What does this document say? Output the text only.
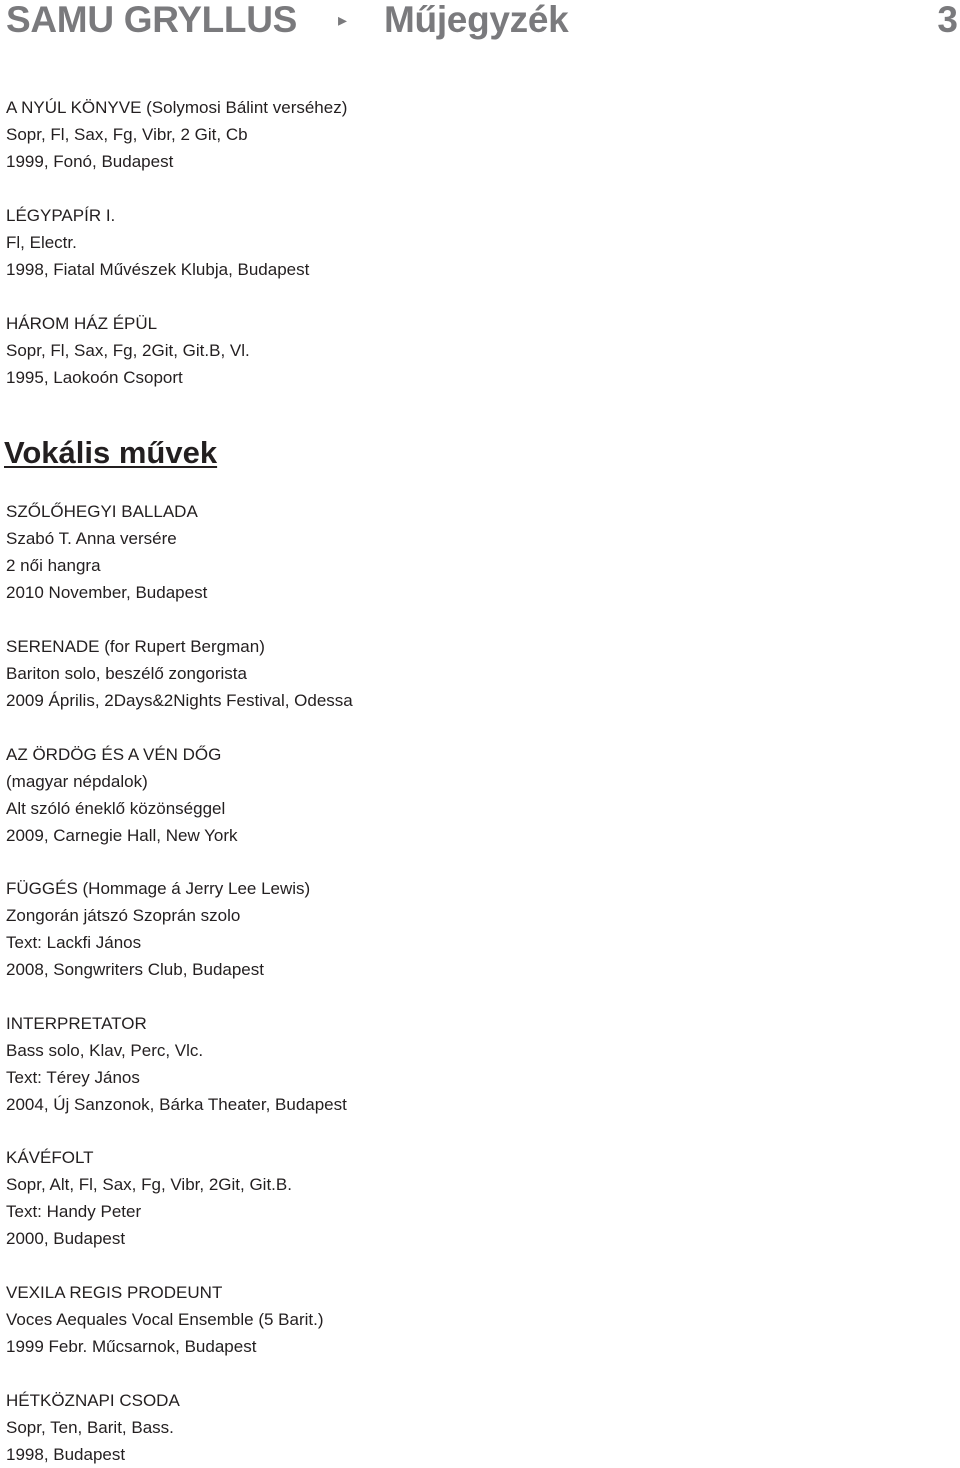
SAMU GRYLLUS ▸ Műjegyzék	3
A NYÚL KÖNYVE (Solymosi Bálint verséhez)
Sopr, Fl, Sax, Fg, Vibr, 2 Git, Cb
1999, Fonó, Budapest
LÉGYPAPÍR I.
Fl, Electr.
1998, Fiatal Művészek Klubja, Budapest
HÁROM HÁZ ÉPÜL
Sopr, Fl, Sax, Fg, 2Git, Git.B, Vl.
1995, Laokoón Csoport
Vokális művek
SZŐLŐHEGYI BALLADA
Szabó T. Anna versére
2 női hangra
2010 November, Budapest
SERENADE (for Rupert Bergman)
Bariton solo, beszélő zongorista
2009 Április, 2Days&2Nights Festival, Odessa
AZ ÖRDÖG ÉS A VÉN DŐG
(magyar népdalok)
Alt szóló éneklő közönséggel
2009, Carnegie Hall, New York
FÜGGÉS (Hommage á Jerry Lee Lewis)
Zongorán játszó Szoprán szolo
Text: Lackfi János
2008, Songwriters Club, Budapest
INTERPRETATOR
Bass solo, Klav, Perc, Vlc.
Text: Térey János
2004, Új Sanzonok, Bárka Theater, Budapest
KÁVÉFOLT
Sopr, Alt, Fl, Sax, Fg, Vibr, 2Git, Git.B.
Text: Handy Peter
2000, Budapest
VEXILA REGIS PRODEUNT
Voces Aequales Vocal Ensemble (5 Barit.)
1999 Febr. Műcsarnok, Budapest
HÉTKÖZNAPI CSODA
Sopr, Ten, Barit, Bass.
1998, Budapest
